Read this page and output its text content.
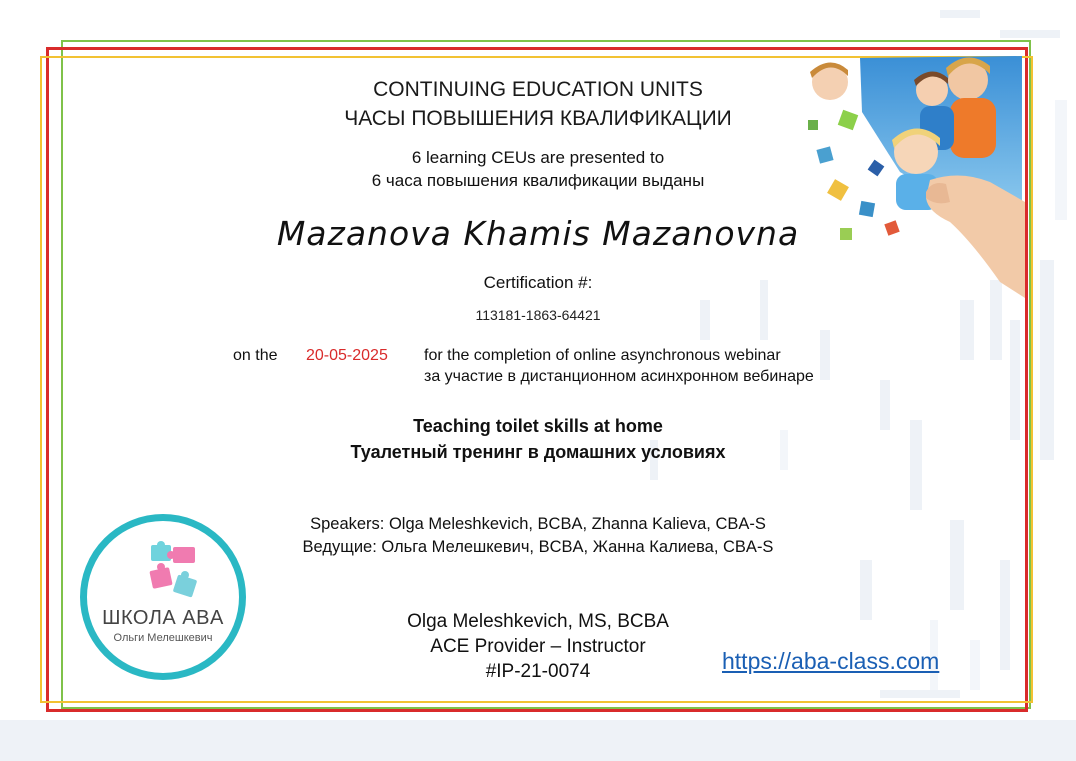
CONTINUING EDUCATION UNITS
ЧАСЫ ПОВЫШЕНИЯ КВАЛИФИКАЦИИ
6 learning CEUs are presented to
6 часа повышения квалификации выданы
Mazanova Khamis Mazanovna
Certification #:
113181-1863-64421
on the 20-05-2025 for the completion of online asynchronous webinar
за участие в дистанционном асинхронном вебинаре
Teaching toilet skills at home
Туалетный тренинг в домашних условиях
Speakers: Olga Meleshkevich, BCBA, Zhanna Kalieva, CBA-S
Ведущие: Ольга Мелешкевич, BCBA, Жанна Калиева, CBA-S
Olga Meleshkevich, MS, BCBA
ACE Provider – Instructor
#IP-21-0074	https://aba-class.com
ШКОЛА ABA
Ольги Мелешкевич
